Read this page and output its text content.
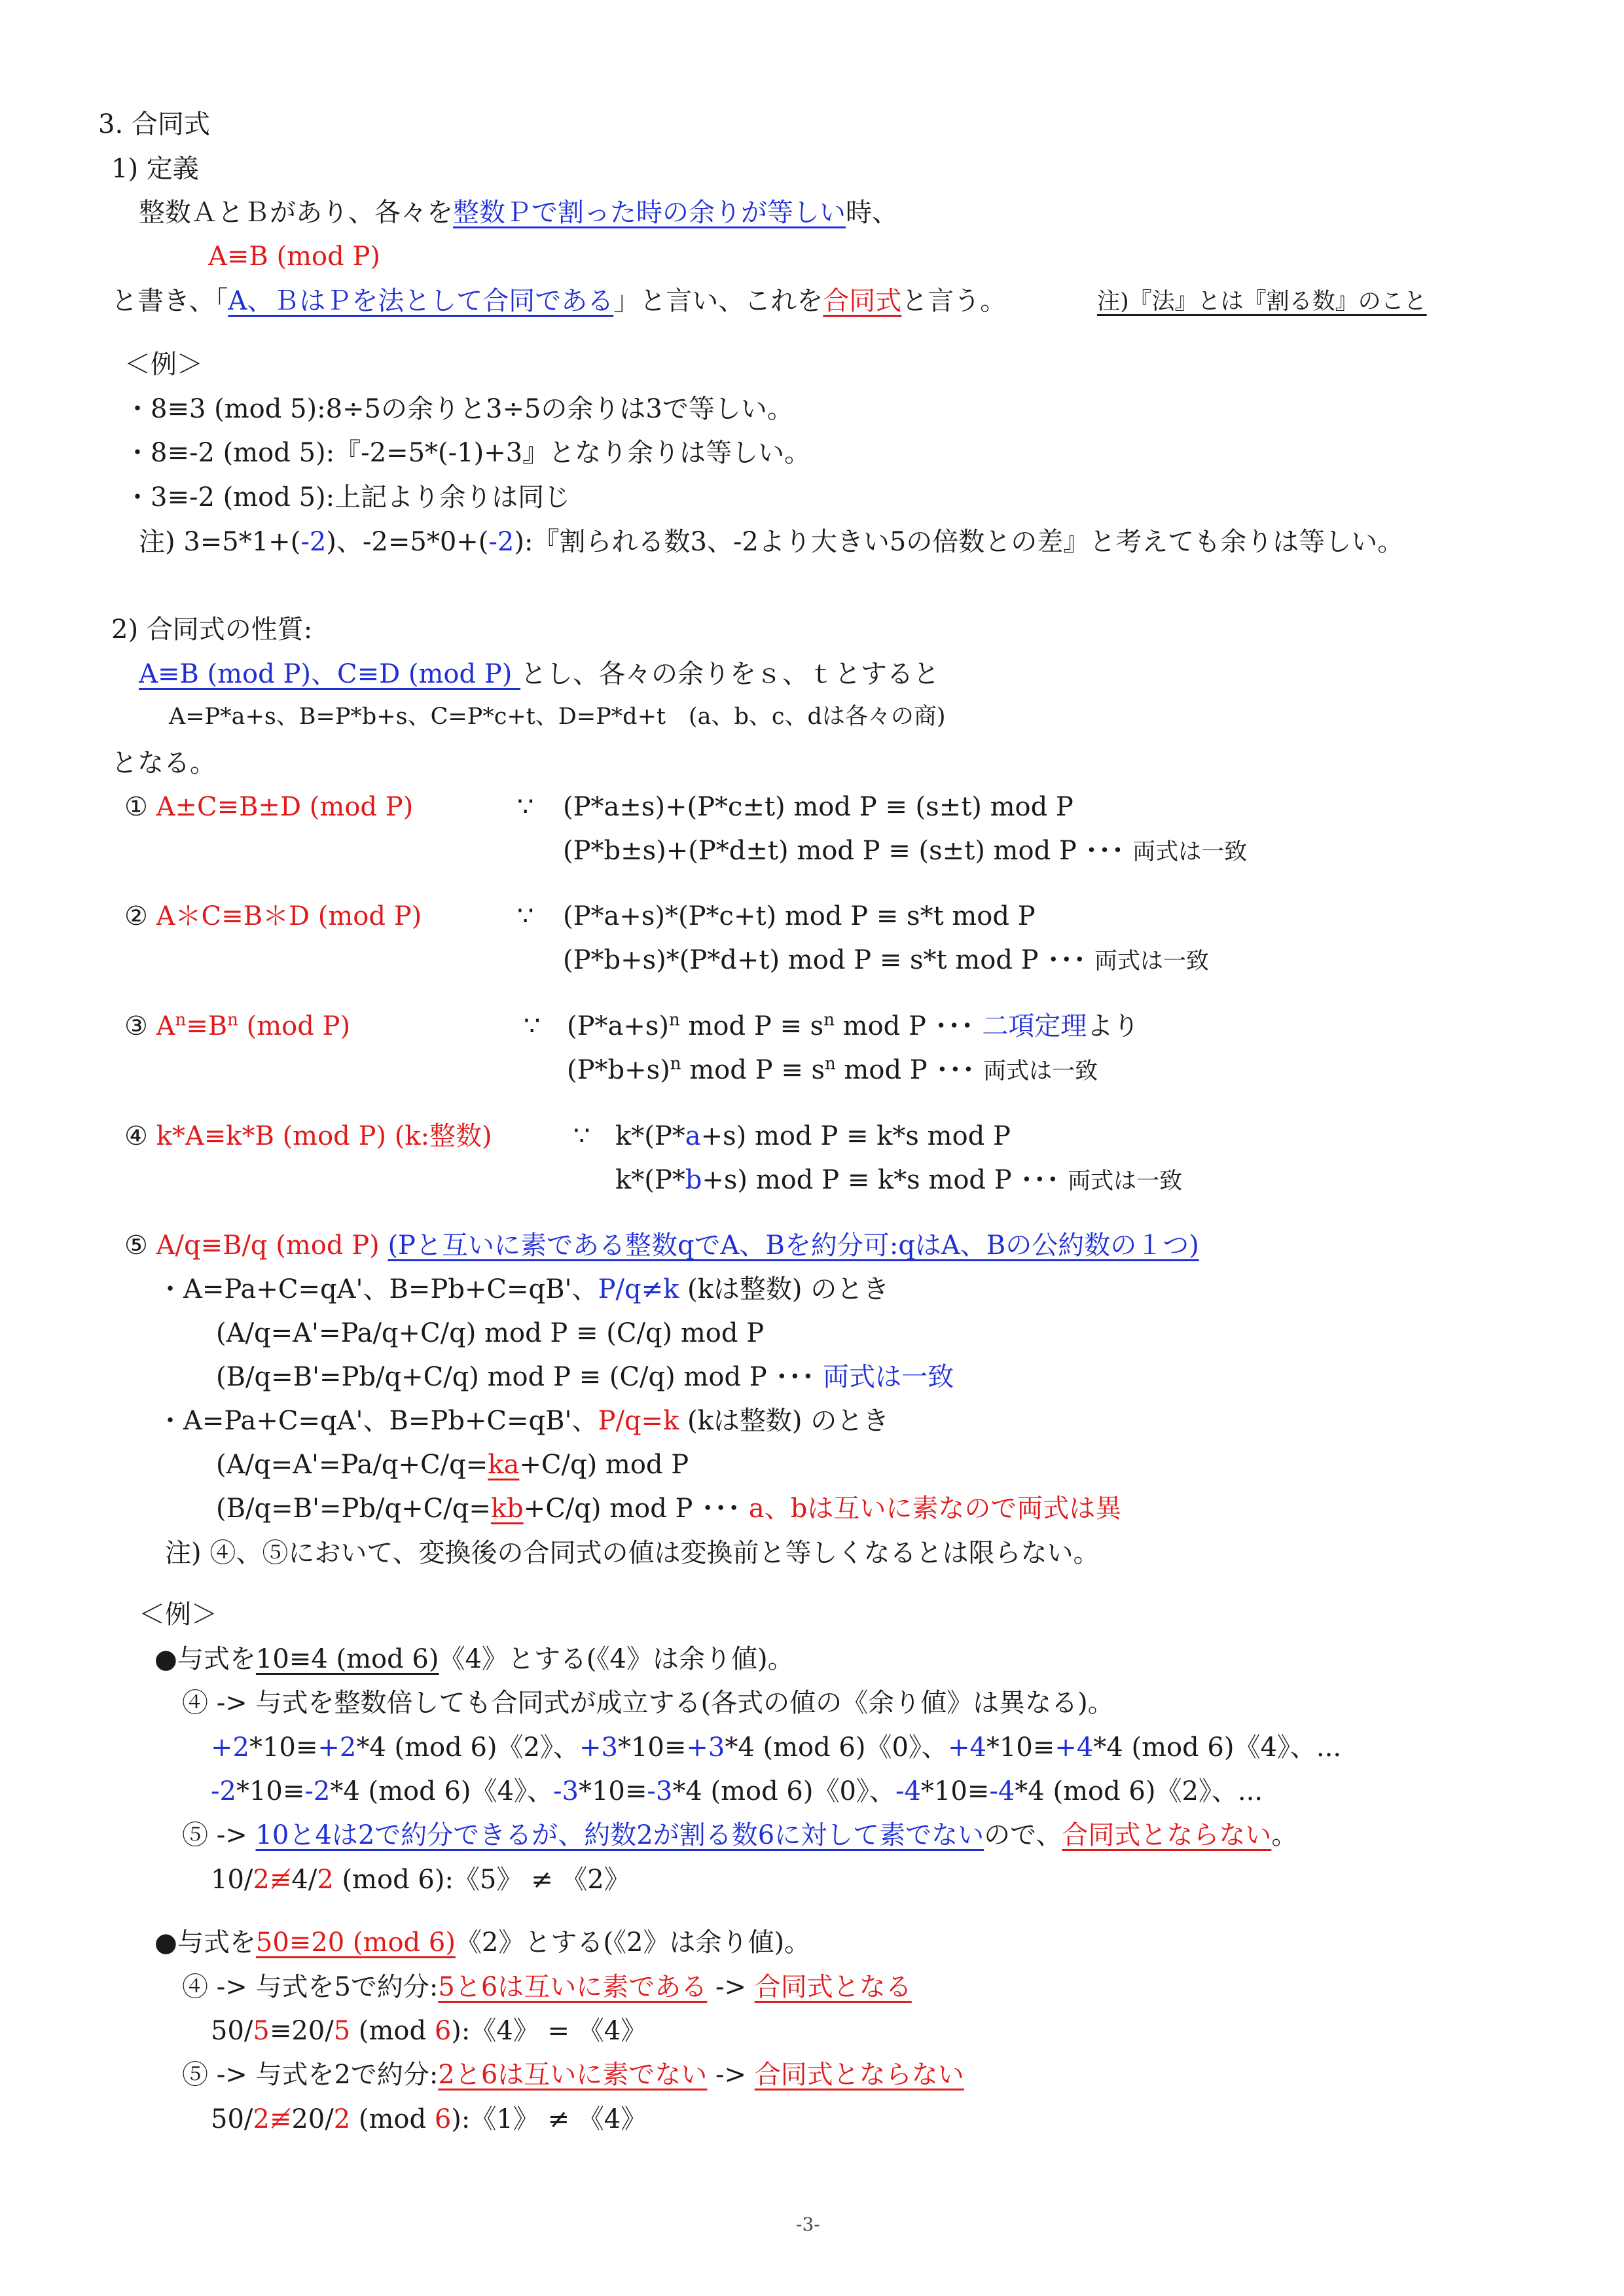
3. 合同式
1) 定義
整数ＡとＢがあり、各々を整数Ｐで割った時の余りが等しい時、
A≡B (mod P)
と書き、「A、ＢはＰを法として合同である」と言い、これを合同式と言う。	注)『法』とは『割る数』のこと
＜例＞
・8≡3 (mod 5):8÷5の余りと3÷5の余りは3で等しい。
・8≡-2 (mod 5):『-2=5*(-1)+3』となり余りは等しい。
・3≡-2 (mod 5):上記より余りは同じ
注) 3=5*1+(-2)、-2=5*0+(-2):『割られる数3、-2より大きい5の倍数との差』と考えても余りは等しい。
2) 合同式の性質:
A≡B (mod P)、C≡D (mod P) とし、各々の余りをｓ、ｔとすると
A=P*a+s、B=P*b+s、C=P*c+t、D=P*d+t　(a、b、c、dは各々の商)
となる。
① A±C≡B±D (mod P)	∵ (P*a±s)+(P*c±t) mod P ≡ (s±t) mod P
(P*b±s)+(P*d±t) mod P ≡ (s±t) mod P ･･･ 両式は一致
② A＊C≡B＊D (mod P)	∵ (P*a+s)*(P*c+t) mod P ≡ s*t mod P
(P*b+s)*(P*d+t) mod P ≡ s*t mod P ･･･ 両式は一致
③ $A^n\equiv B^n$ (mod P)	∵ $(P*a+s)^n$ mod $P \equiv s^n$ mod P ･･･ 二項定理より
$(P*b+s)^n$ mod $P \equiv s^n$ mod P ･･･ 両式は一致
④ k*A≡k*B (mod P) (k:整数)	∵ k*(P*a+s) mod P ≡ k*s mod P
k*(P*b+s) mod P ≡ k*s mod P ･･･ 両式は一致
⑤ A/q≡B/q (mod P) (Pと互いに素である整数qでA、Bを約分可:qはA、Bの公約数の１つ)
・A=Pa+C=qA'、B=Pb+C=qB'、P/q≠k (kは整数) のとき
(A/q=A'=Pa/q+C/q) mod P ≡ (C/q) mod P
(B/q=B'=Pb/q+C/q) mod P ≡ (C/q) mod P ･･･ 両式は一致
・A=Pa+C=qA'、B=Pb+C=qB'、P/q=k (kは整数) のとき
(A/q=A'=Pa/q+C/q=ka+C/q) mod P
(B/q=B'=Pb/q+C/q=kb+C/q) mod P ･･･ a、bは互いに素なので両式は異
注) ④、⑤において、変換後の合同式の値は変換前と等しくなるとは限らない。
＜例＞
●与式を10≡4 (mod 6)《4》とする(《4》は余り値)。
④ -> 与式を整数倍しても合同式が成立する(各式の値の《余り値》は異なる)。
+2*10≡+2*4 (mod 6)《2》、+3*10≡+3*4 (mod 6)《0》、+4*10≡+4*4 (mod 6)《4》、...
-2*10≡-2*4 (mod 6)《4》、-3*10≡-3*4 (mod 6)《0》、-4*10≡-4*4 (mod 6)《2》、...
⑤ -> 10と4は2で約分できるが、約数2が割る数6に対して素でないので、合同式とならない。
10/2≢4/2 (mod 6):《5》 ≠ 《2》
●与式を50≡20 (mod 6)《2》とする(《2》は余り値)。
④ -> 与式を5で約分:5と6は互いに素である -> 合同式となる
50/5≡20/5 (mod 6):《4》 = 《4》
⑤ -> 与式を2で約分:2と6は互いに素でない -> 合同式とならない
50/2≢20/2 (mod 6):《1》 ≠ 《4》
-3-
